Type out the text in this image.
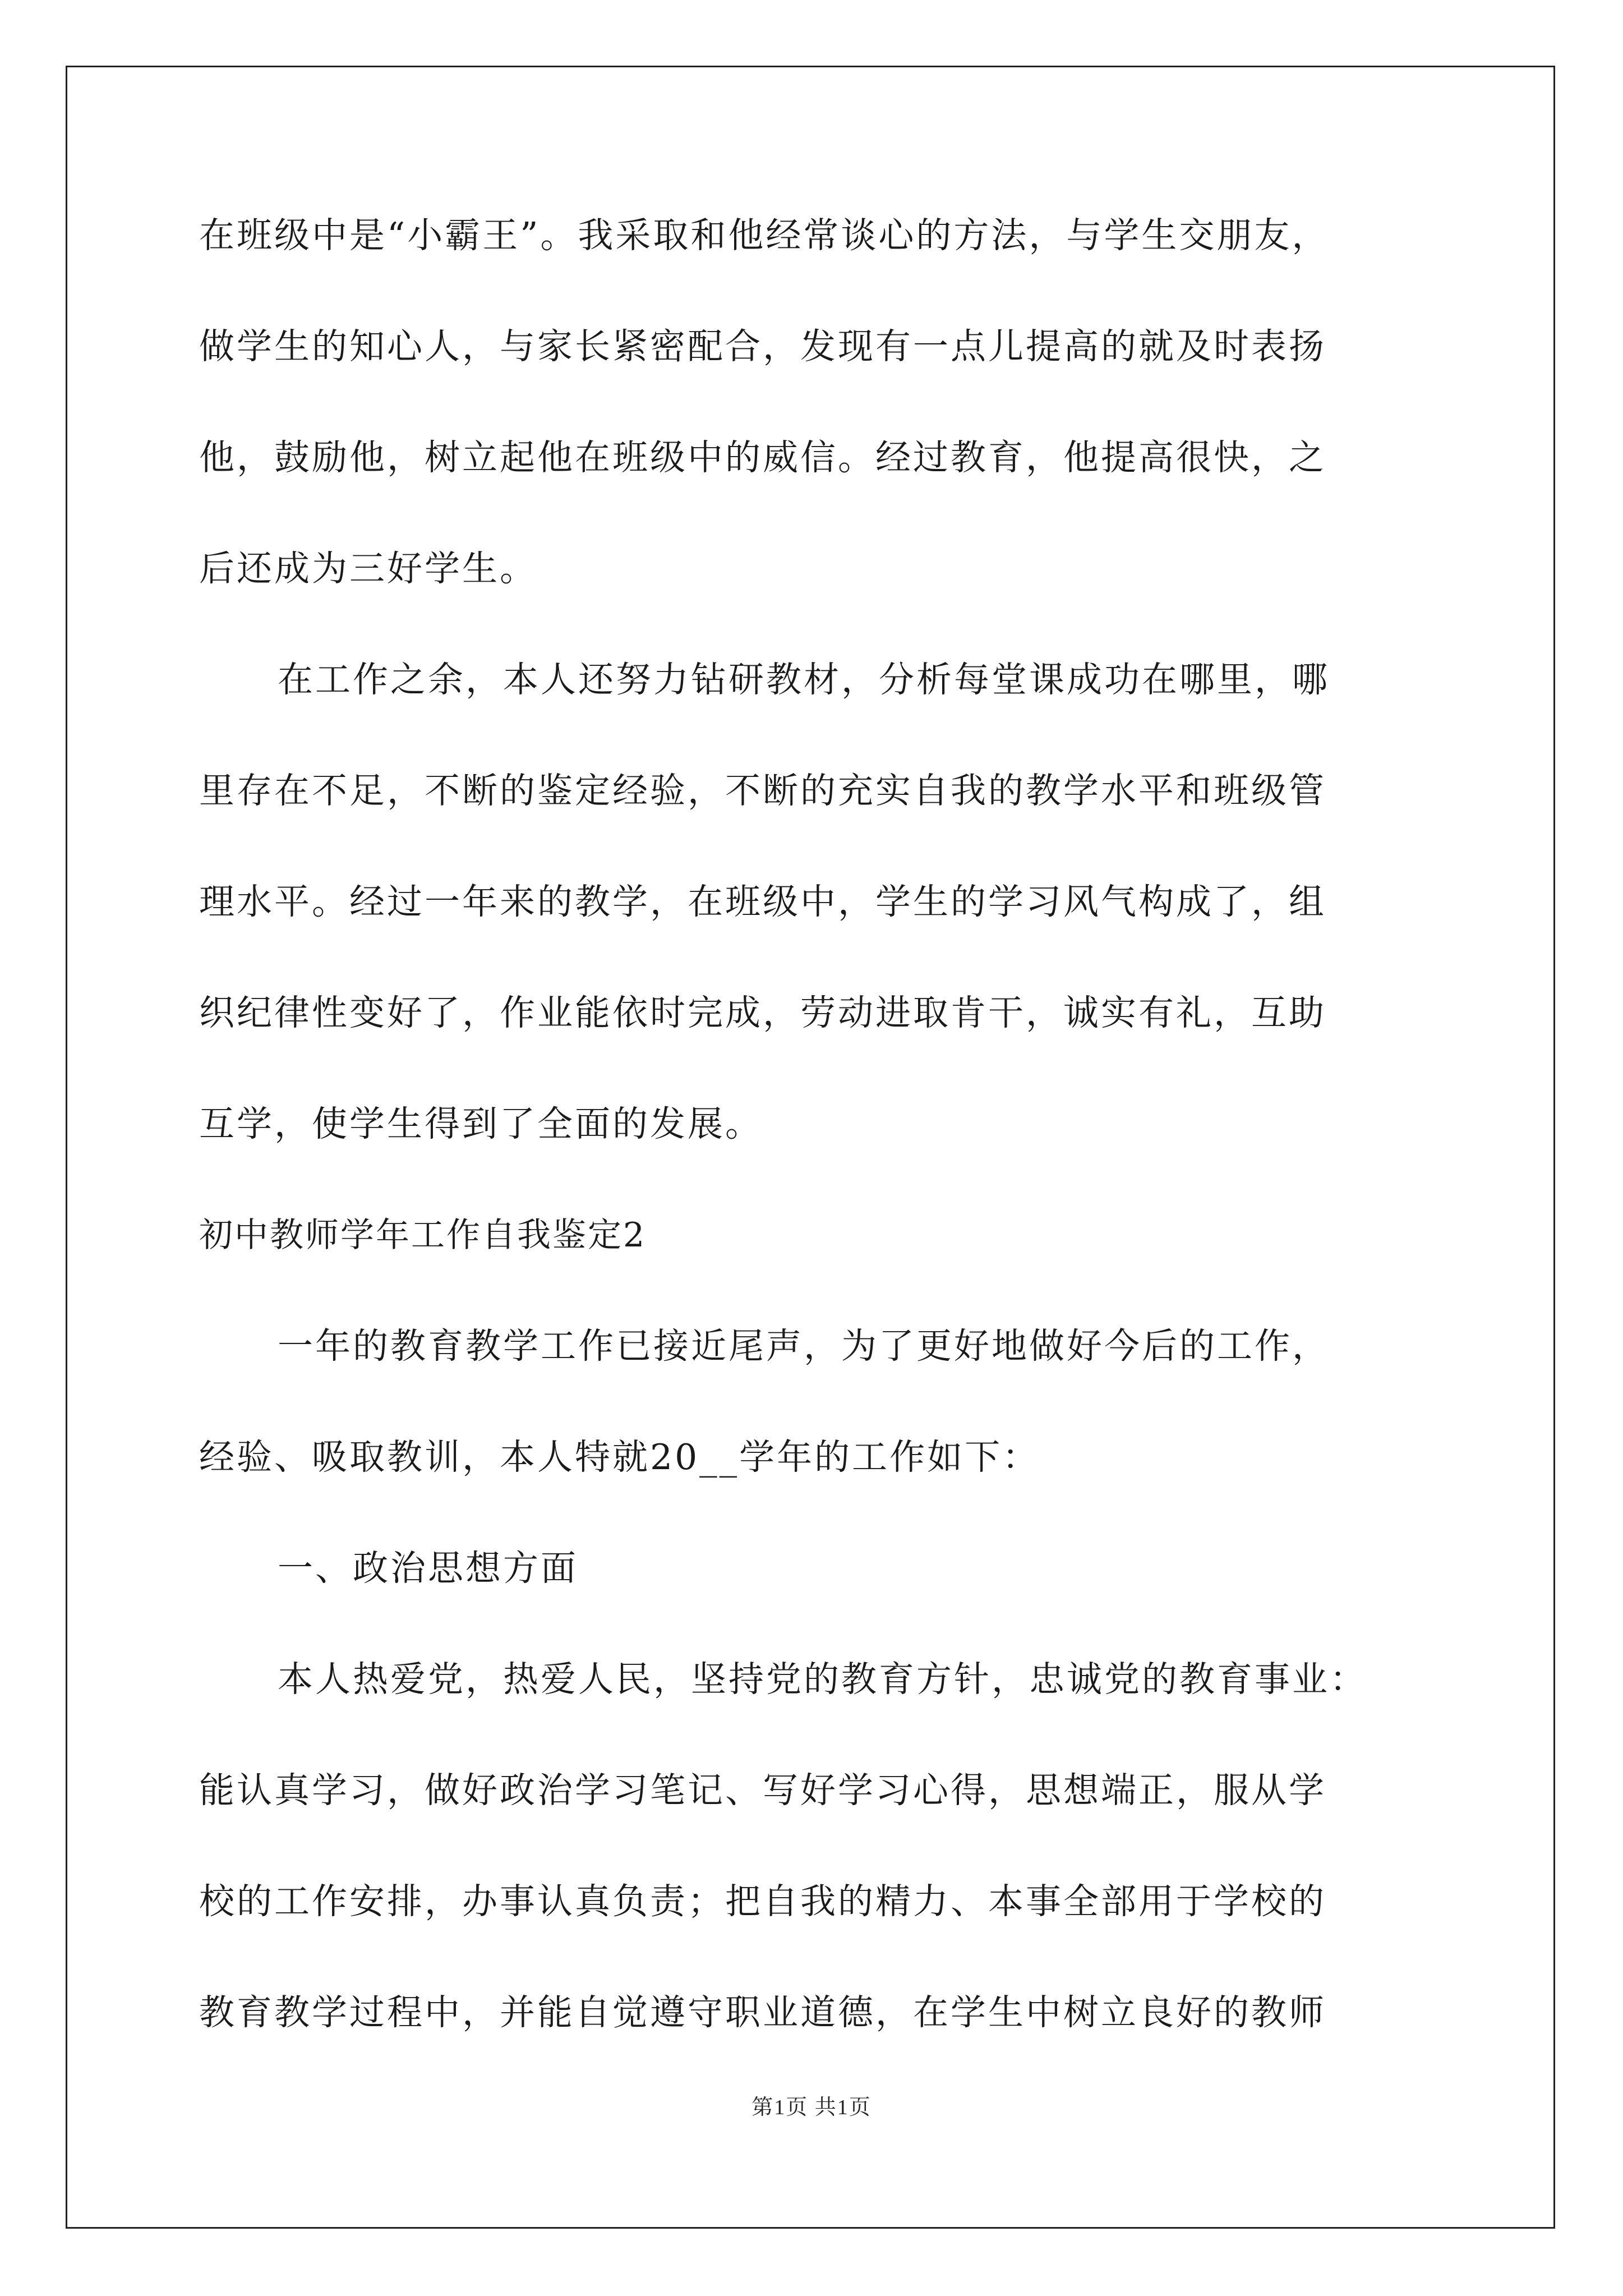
在班级中是“小霸王”。我采取和他经常谈心的方法，与学生交朋友，
做学生的知心人，与家长紧密配合，发现有一点儿提高的就及时表扬
他，鼓励他，树立起他在班级中的威信。经过教育，他提高很快，之
后还成为三好学生。
在工作之余，本人还努力钻研教材，分析每堂课成功在哪里，哪
里存在不足，不断的鉴定经验，不断的充实自我的教学水平和班级管
理水平。经过一年来的教学，在班级中，学生的学习风气构成了，组
织纪律性变好了，作业能依时完成，劳动进取肯干，诚实有礼，互助
互学，使学生得到了全面的发展。
初中教师学年工作自我鉴定2
一年的教育教学工作已接近尾声，为了更好地做好今后的工作，
经验、吸取教训，本人特就20__学年的工作如下：
一、政治思想方面
本人热爱党，热爱人民，坚持党的教育方针，忠诚党的教育事业：
能认真学习，做好政治学习笔记、写好学习心得，思想端正，服从学
校的工作安排，办事认真负责；把自我的精力、本事全部用于学校的
教育教学过程中，并能自觉遵守职业道德，在学生中树立良好的教师
第1页 共1页
